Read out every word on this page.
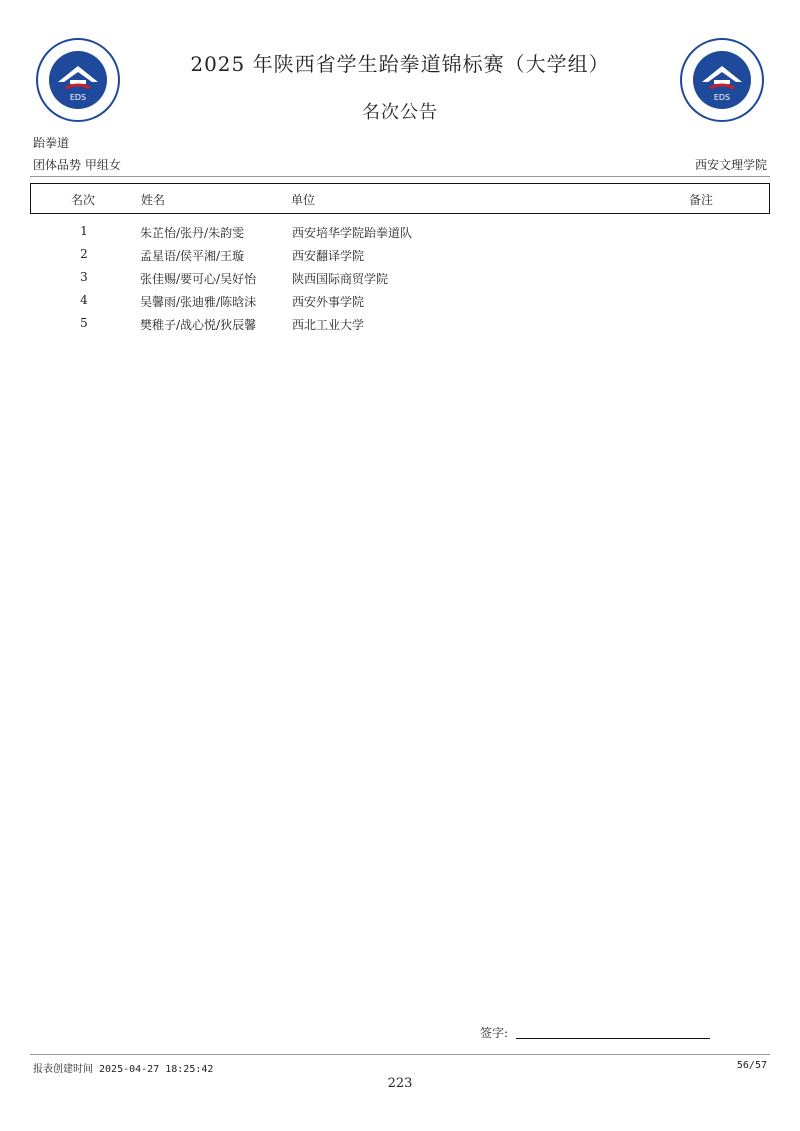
EDS	EDS
2025 年陕西省学生跆拳道锦标赛（大学组）
名次公告
跆拳道
团体品势 甲组女	西安文理学院
名次	姓名	单位	备注
1	朱芷怡/张丹/朱韵雯	西安培华学院跆拳道队
2	孟星语/侯平湘/王璇	西安翻译学院
3	张佳赐/要可心/吴好怡	陕西国际商贸学院
4	吴馨雨/张迪雅/陈晗沫	西安外事学院
5	樊稚子/战心悦/狄辰馨	西北工业大学
签字:
报表创建时间 2025-04-27 18:25:42	56/57
223
